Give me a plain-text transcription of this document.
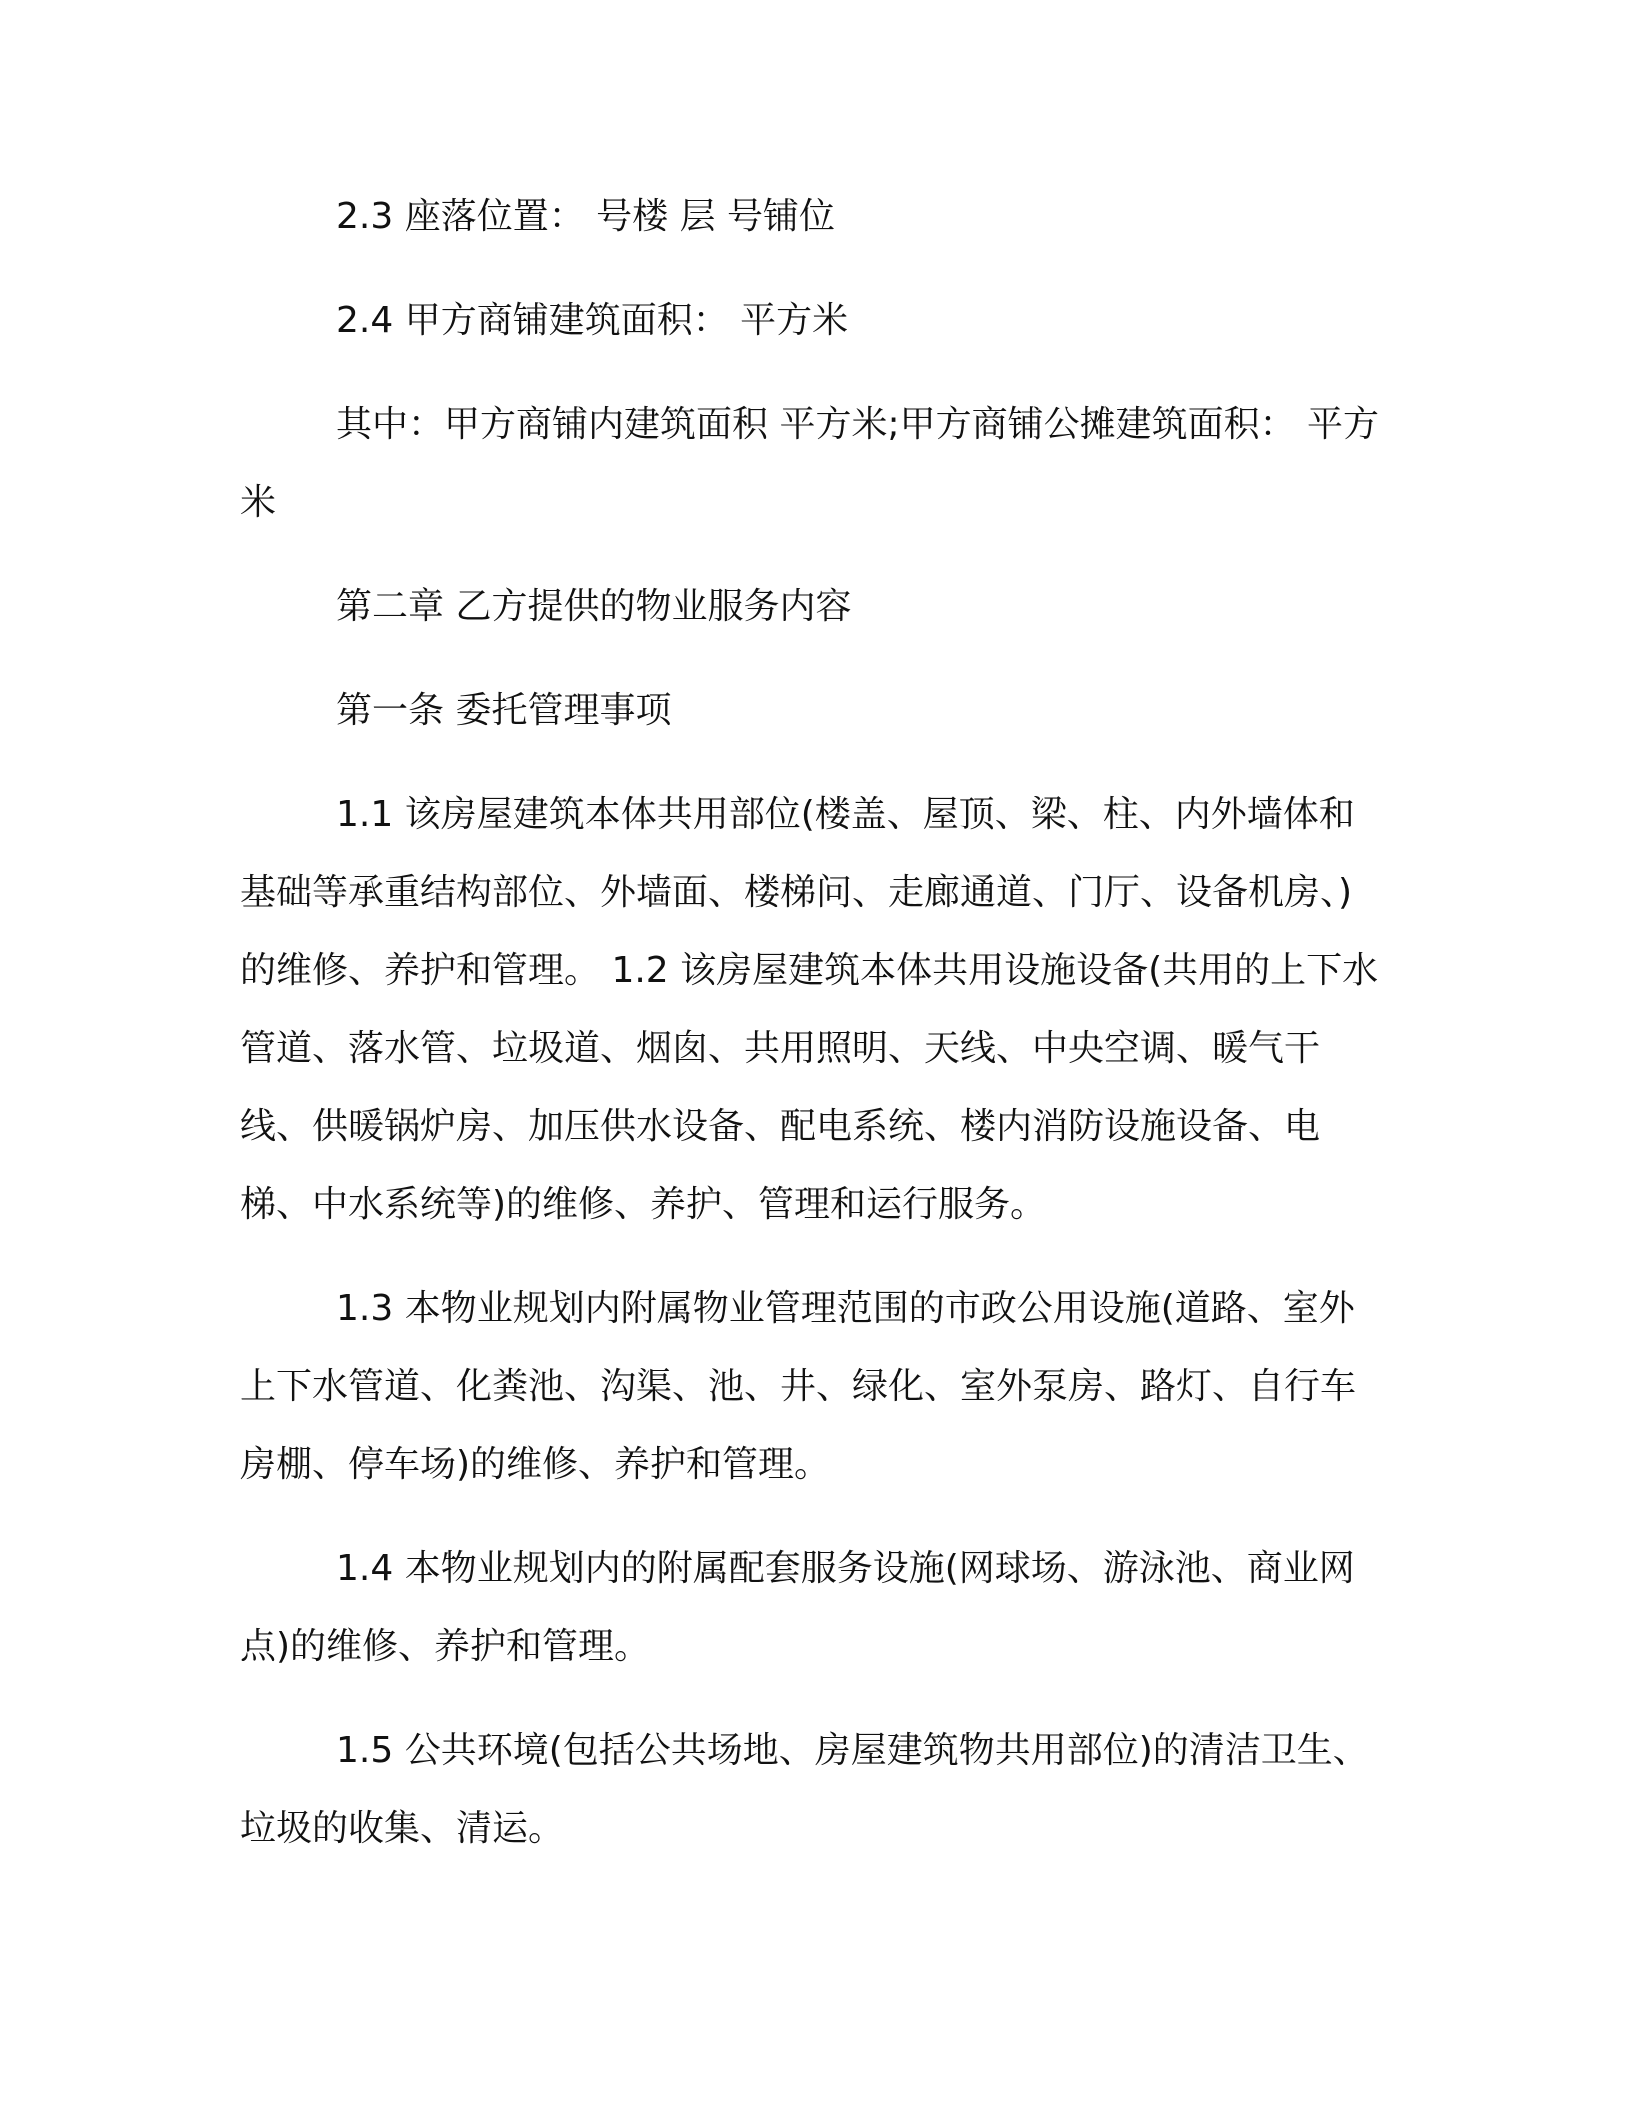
2.3 座落位置： 号楼 层 号铺位

2.4 甲方商铺建筑面积： 平方米

其中：甲方商铺内建筑面积 平方米;甲方商铺公摊建筑面积： 平方米

第二章 乙方提供的物业服务内容

第一条 委托管理事项

1.1 该房屋建筑本体共用部位(楼盖、屋顶、梁、柱、内外墙体和基础等承重结构部位、外墙面、楼梯问、走廊通道、门厅、设备机房、)的维修、养护和管理。 1.2 该房屋建筑本体共用设施设备(共用的上下水管道、落水管、垃圾道、烟囱、共用照明、天线、中央空调、暖气干线、供暖锅炉房、加压供水设备、配电系统、楼内消防设施设备、电梯、中水系统等)的维修、养护、管理和运行服务。

1.3 本物业规划内附属物业管理范围的市政公用设施(道路、室外上下水管道、化粪池、沟渠、池、井、绿化、室外泵房、路灯、自行车房棚、停车场)的维修、养护和管理。

1.4 本物业规划内的附属配套服务设施(网球场、游泳池、商业网点)的维修、养护和管理。

1.5 公共环境(包括公共场地、房屋建筑物共用部位)的清洁卫生、垃圾的收集、清运。
